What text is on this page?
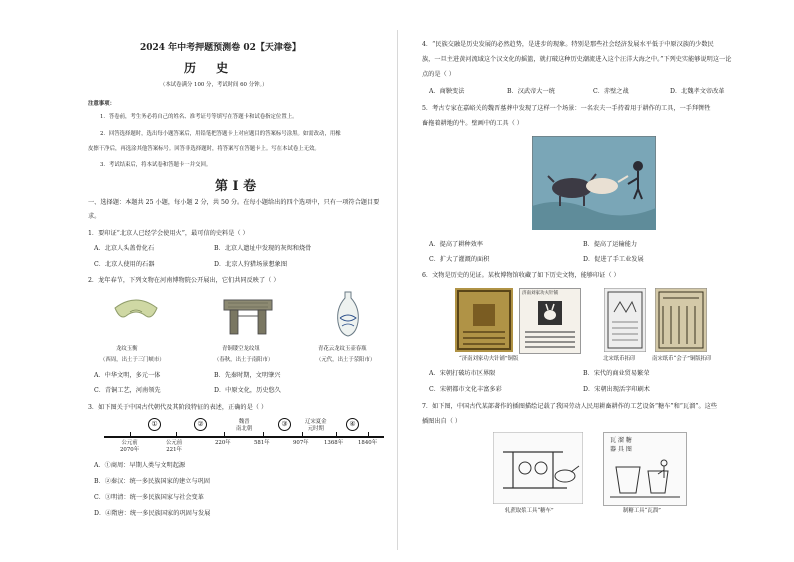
2024 年中考押题预测卷 02【天津卷】
历 史
（本试卷满分 100 分，考试时间 60 分钟。）
注意事项：
1．答卷前，考生务必将自己的姓名、准考证号等填写在答题卡和试卷指定位置上。
2．回答选择题时，选出每小题答案后，用铅笔把答题卡上对应题目的答案标号涂黑。如需改动，用橡
皮擦干净后，再选涂其他答案标号。回答非选择题时，将答案写在答题卡上。写在本试卷上无效。
3．考试结束后，将本试卷和答题卡一并交回。
第 Ⅰ 卷
一、选择题：本题共 25 小题，每小题 2 分，共 50 分。在每小题给出的四个选项中，只有一项符合题目要
求。
1．要印证“北京人已经学会使用火”，最可信的史料是（ ）
A．北京人头盖骨化石	B．北京人遗址中发现的灰烬和烧骨
C．北京人使用的石器	D．北京人狩猎场景想象图
2．龙年春节，下列文物在河南博物院公开展出，它们共同反映了（ ）
龙纹玉衡
（西周，出土于三门峡市）
青铜镂空龙纹俎
（春秋，出土于南阳市）
青花云龙纹玉壶春瓶
（元代，出土于荥阳市）
A．中华文明，多元一体	B．先秦时期，文明肇兴
C．青铜工艺，河南领先	D．中原文化，历史悠久
3．如下图关于中国古代朝代及其阶段特征的表述，正确的是（ ）
①	②	③	④
魏晋
南北朝
辽宋夏金
元时期
公元前
2070年
公元前
221年
220年	581年	907年	1368年	1840年
A．①商周：早期人类与文明起源
B．②秦汉：统一多民族国家的建立与巩固
C．③明清：统一多民族国家与社会变革
D．④隋唐：统一多民族国家的巩固与发展
4．“民族交融是历史发展的必然趋势，是进步的现象。特别是那些社会经济发展水平低于中原汉族的少数民
族，一旦主进黄河流域这个汉文化的摇篮，就打破这种历史潮流进入这个汪洋大海之中。”下列史实能够说明这一论
点的是（ ）
A．商鞅变法	B．汉武帝大一统	C．赤壁之战	D．北魏孝文帝改革
5．考古专家在嘉峪关的魏晋墓葬中发现了这样一个场景：一名农夫一手持着用于耕作的工具，一手拜辔牲
畜拖着耕地的牛。壁画中的工具（ ）
A．提高了耕种效率	B．提高了运输能力
C．扩大了灌溉的面积	D．促进了手工业发展
6．文物是历史的见证。某枚博物馆收藏了如下历史文物，能够印证（ ）
济南刘家功夫针铺
“济南刘家功夫针铺”铜版	北宋纸币拓印	南宋纸币“会子”铜版拓印
A．宋朝打破坊市区界限	B．宋代的商业贸易繁荣
C．宋朝都市文化丰富多彩	D．宋朝出现活字印刷术
7．如下图，中国古代某部著作的插图描绘记载了我国劳动人民用耕畜耕作的工艺设备“糖车”和“瓦溜”。这些
插图出自（ ）
瓦 溜 糖
器 具 图
轧蔗取浆工具“糖车”	制糖工具“瓦溜”
